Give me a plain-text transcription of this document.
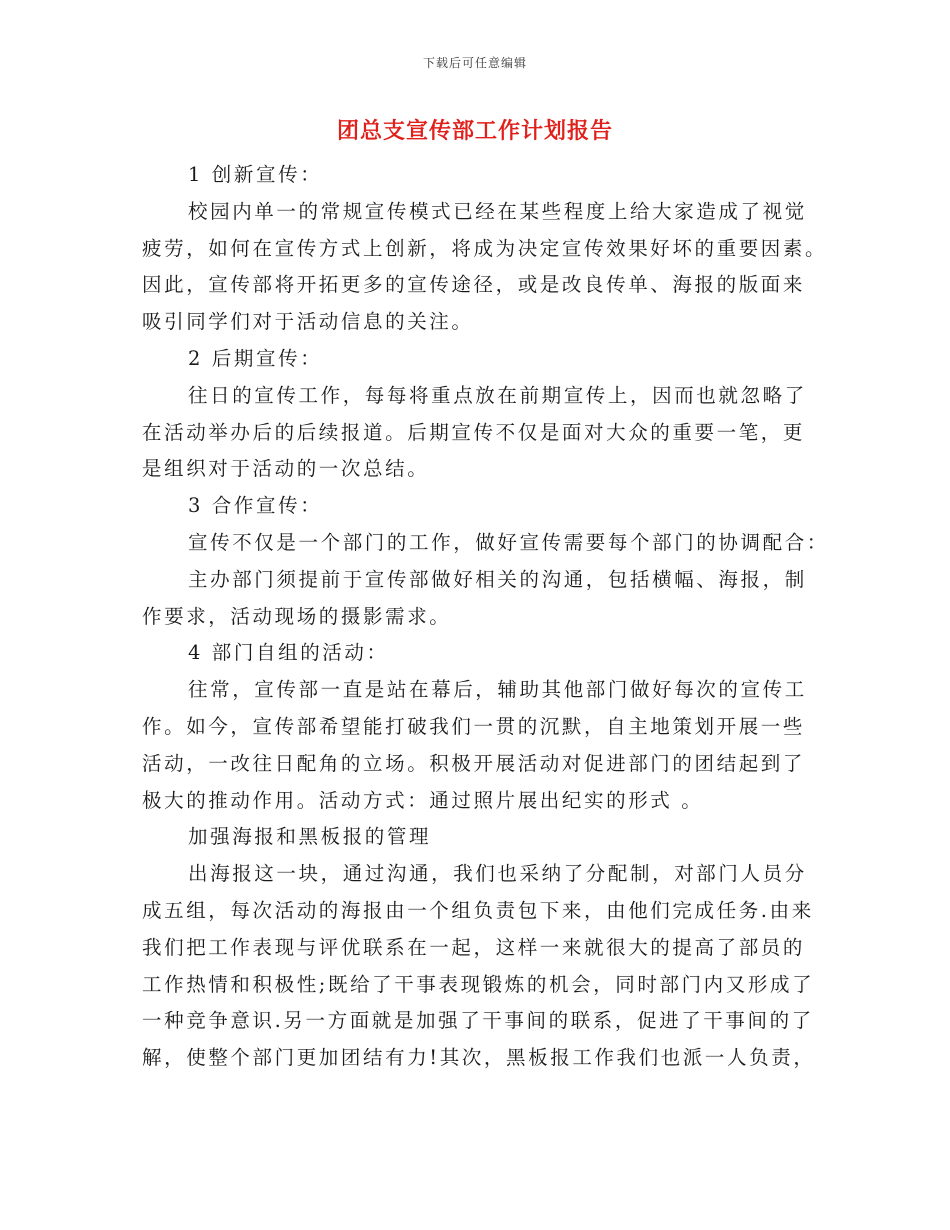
下载后可任意编辑
团总支宣传部工作计划报告
1 创新宣传：
校园内单一的常规宣传模式已经在某些程度上给大家造成了视觉
疲劳，如何在宣传方式上创新，将成为决定宣传效果好坏的重要因素。
因此，宣传部将开拓更多的宣传途径，或是改良传单、海报的版面来
吸引同学们对于活动信息的关注。
2 后期宣传：
往日的宣传工作，每每将重点放在前期宣传上，因而也就忽略了
在活动举办后的后续报道。后期宣传不仅是面对大众的重要一笔，更
是组织对于活动的一次总结。
3 合作宣传：
宣传不仅是一个部门的工作，做好宣传需要每个部门的协调配合：
主办部门须提前于宣传部做好相关的沟通，包括横幅、海报，制
作要求，活动现场的摄影需求。
4 部门自组的活动：
往常，宣传部一直是站在幕后，辅助其他部门做好每次的宣传工
作。如今，宣传部希望能打破我们一贯的沉默，自主地策划开展一些
活动，一改往日配角的立场。积极开展活动对促进部门的团结起到了
极大的推动作用。活动方式：通过照片展出纪实的形式 。
加强海报和黑板报的管理
出海报这一块，通过沟通，我们也采纳了分配制，对部门人员分
成五组，每次活动的海报由一个组负责包下来，由他们完成任务.由来
我们把工作表现与评优联系在一起，这样一来就很大的提高了部员的
工作热情和积极性;既给了干事表现锻炼的机会，同时部门内又形成了
一种竞争意识.另一方面就是加强了干事间的联系，促进了干事间的了
解，使整个部门更加团结有力!其次，黑板报工作我们也派一人负责，
